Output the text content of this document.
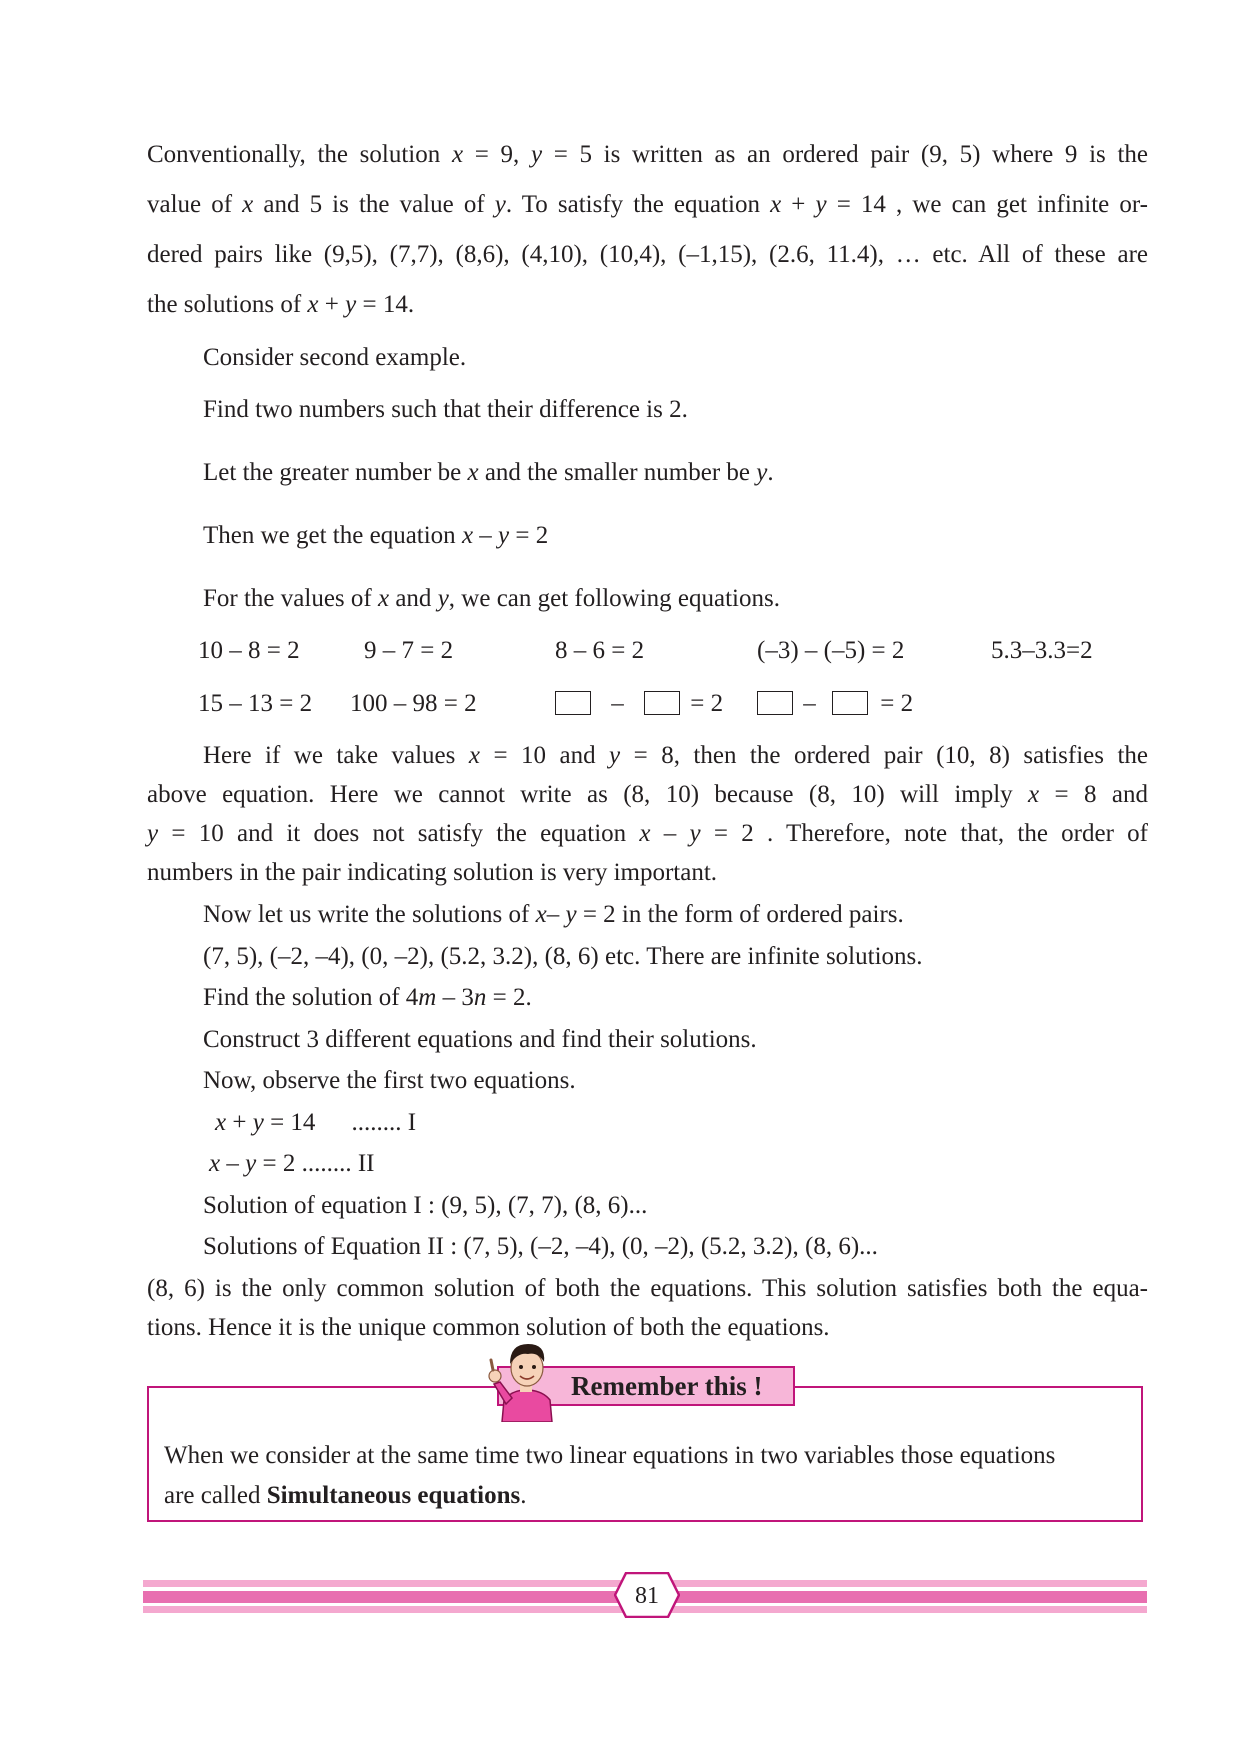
Conventionally, the solution x = 9, y = 5 is written as an ordered pair (9, 5) where 9 is the
value of x and 5 is the value of y. To satisfy the equation x + y = 14 , we can get infinite or-
dered pairs like (9,5), (7,7), (8,6), (4,10), (10,4), (–1,15), (2.6, 11.4), … etc. All of these are
the solutions of x + y = 14.
Consider second example.
Find two numbers such that their difference is 2.
Let the greater number be x and the smaller number be y.
Then we get the equation x – y = 2
For the values of x and y, we can get following equations.
10 – 8 = 2	9 – 7 = 2	8 – 6 = 2	(–3) – (–5) = 2	5.3–3.3=2
15 – 13 = 2 100 – 98 = 2	–	= 2	–	= 2
Here if we take values x = 10 and y = 8, then the ordered pair (10, 8) satisfies the
above equation. Here we cannot write as (8, 10) because (8, 10) will imply x = 8 and
y = 10 and it does not satisfy the equation x – y = 2 . Therefore, note that, the order of
numbers in the pair indicating solution is very important.
Now let us write the solutions of x– y = 2 in the form of ordered pairs.
(7, 5), (–2, –4), (0, –2), (5.2, 3.2), (8, 6) etc. There are infinite solutions.
Find the solution of 4m – 3n = 2.
Construct 3 different equations and find their solutions.
Now, observe the first two equations.
x + y = 14 ........ I
x – y = 2 ........ II
Solution of equation I : (9, 5), (7, 7), (8, 6)...
Solutions of Equation II : (7, 5), (–2, –4), (0, –2), (5.2, 3.2), (8, 6)...
(8, 6) is the only common solution of both the equations. This solution satisfies both the equa-
tions. Hence it is the unique common solution of both the equations.
When we consider at the same time two linear equations in two variables those equations
are called Simultaneous equations.
Remember this !
81
